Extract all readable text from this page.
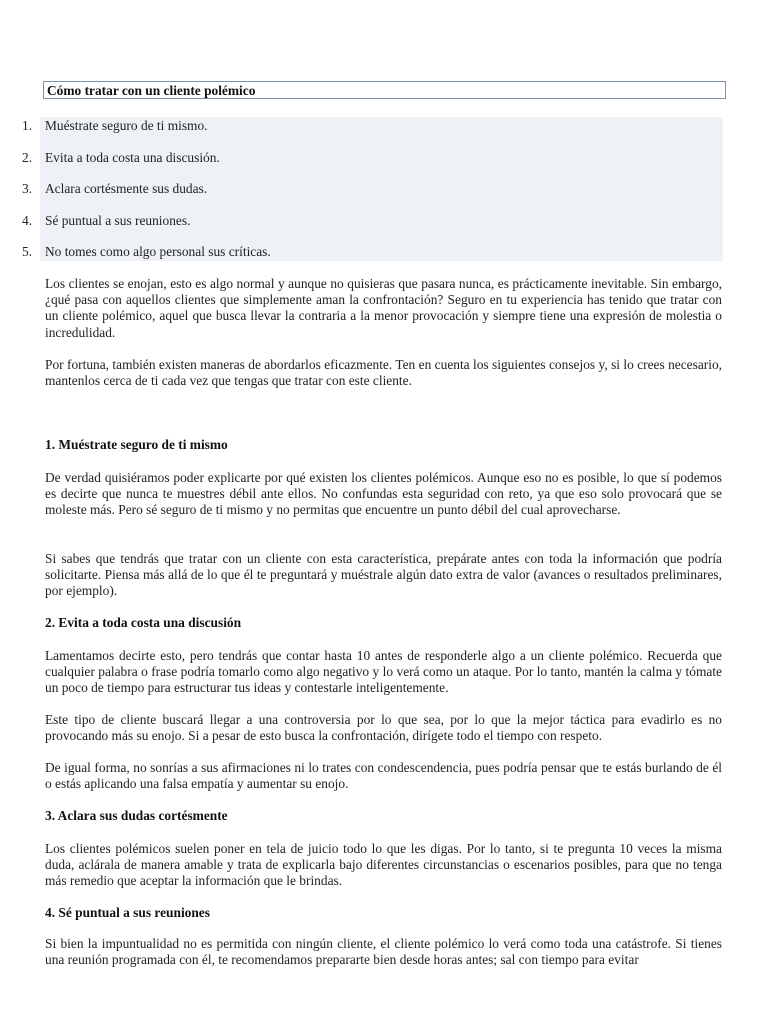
Cómo tratar con un cliente polémico
1. Muéstrate seguro de ti mismo.
2. Evita a toda costa una discusión.
3. Aclara cortésmente sus dudas.
4. Sé puntual a sus reuniones.
5. No tomes como algo personal sus críticas.
Los clientes se enojan, esto es algo normal y aunque no quisieras que pasara nunca, es prácticamente inevitable. Sin embargo, ¿qué pasa con aquellos clientes que simplemente aman la confrontación? Seguro en tu experiencia has tenido que tratar con un cliente polémico, aquel que busca llevar la contraria a la menor provocación y siempre tiene una expresión de molestia o incredulidad.
Por fortuna, también existen maneras de abordarlos eficazmente. Ten en cuenta los siguientes consejos y, si lo crees necesario, mantenlos cerca de ti cada vez que tengas que tratar con este cliente.
1. Muéstrate seguro de ti mismo
De verdad quisiéramos poder explicarte por qué existen los clientes polémicos. Aunque eso no es posible, lo que sí podemos es decirte que nunca te muestres débil ante ellos. No confundas esta seguridad con reto, ya que eso solo provocará que se moleste más. Pero sé seguro de ti mismo y no permitas que encuentre un punto débil del cual aprovecharse.
Si sabes que tendrás que tratar con un cliente con esta característica, prepárate antes con toda la información que podría solicitarte. Piensa más allá de lo que él te preguntará y muéstrale algún dato extra de valor (avances o resultados preliminares, por ejemplo).
2. Evita a toda costa una discusión
Lamentamos decirte esto, pero tendrás que contar hasta 10 antes de responderle algo a un cliente polémico. Recuerda que cualquier palabra o frase podría tomarlo como algo negativo y lo verá como un ataque. Por lo tanto, mantén la calma y tómate un poco de tiempo para estructurar tus ideas y contestarle inteligentemente.
Este tipo de cliente buscará llegar a una controversia por lo que sea, por lo que la mejor táctica para evadirlo es no provocando más su enojo. Si a pesar de esto busca la confrontación, dirígete todo el tiempo con respeto.
De igual forma, no sonrías a sus afirmaciones ni lo trates con condescendencia, pues podría pensar que te estás burlando de él o estás aplicando una falsa empatía y aumentar su enojo.
3. Aclara sus dudas cortésmente
Los clientes polémicos suelen poner en tela de juicio todo lo que les digas. Por lo tanto, si te pregunta 10 veces la misma duda, aclárala de manera amable y trata de explicarla bajo diferentes circunstancias o escenarios posibles, para que no tenga más remedio que aceptar la información que le brindas.
4. Sé puntual a sus reuniones
Si bien la impuntualidad no es permitida con ningún cliente, el cliente polémico lo verá como toda una catástrofe. Si tienes una reunión programada con él, te recomendamos prepararte bien desde horas antes; sal con tiempo para evitar
